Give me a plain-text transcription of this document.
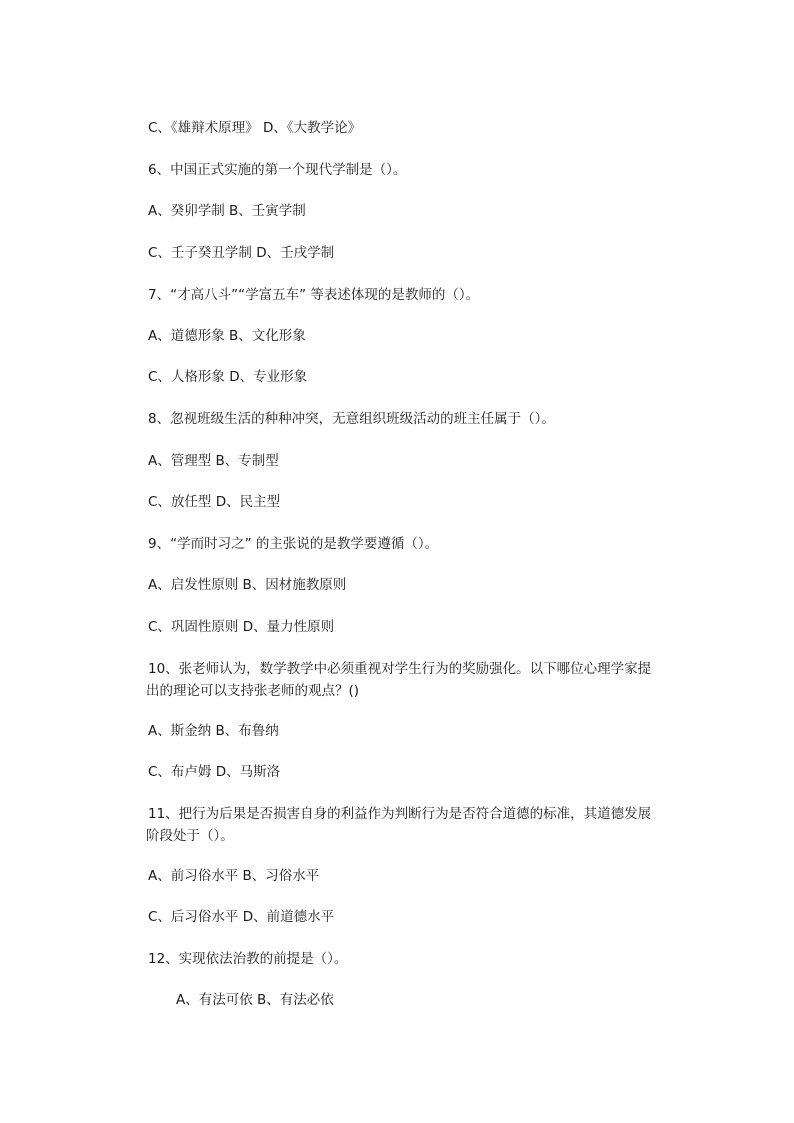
C、《雄辩术原理》 D、《大教学论》
6、中国正式实施的第一个现代学制是（）。
A、癸卯学制 B、壬寅学制
C、壬子癸丑学制 D、壬戌学制
7、“才高八斗”“学富五车” 等表述体现的是教师的（）。
A、道德形象 B、文化形象
C、人格形象 D、专业形象
8、忽视班级生活的种种冲突，无意组织班级活动的班主任属于（）。
A、管理型 B、专制型
C、放任型 D、民主型
9、“学而时习之” 的主张说的是教学要遵循（）。
A、启发性原则 B、因材施教原则
C、巩固性原则 D、量力性原则
10、张老师认为，数学教学中必须重视对学生行为的奖励强化。以下哪位心理学家提
出的理论可以支持张老师的观点？()
A、斯金纳 B、布鲁纳
C、布卢姆 D、马斯洛
11、把行为后果是否损害自身的利益作为判断行为是否符合道德的标准，其道德发展
阶段处于（）。
A、前习俗水平 B、习俗水平
C、后习俗水平 D、前道德水平
12、实现依法治教的前提是（）。
A、有法可依 B、有法必依
